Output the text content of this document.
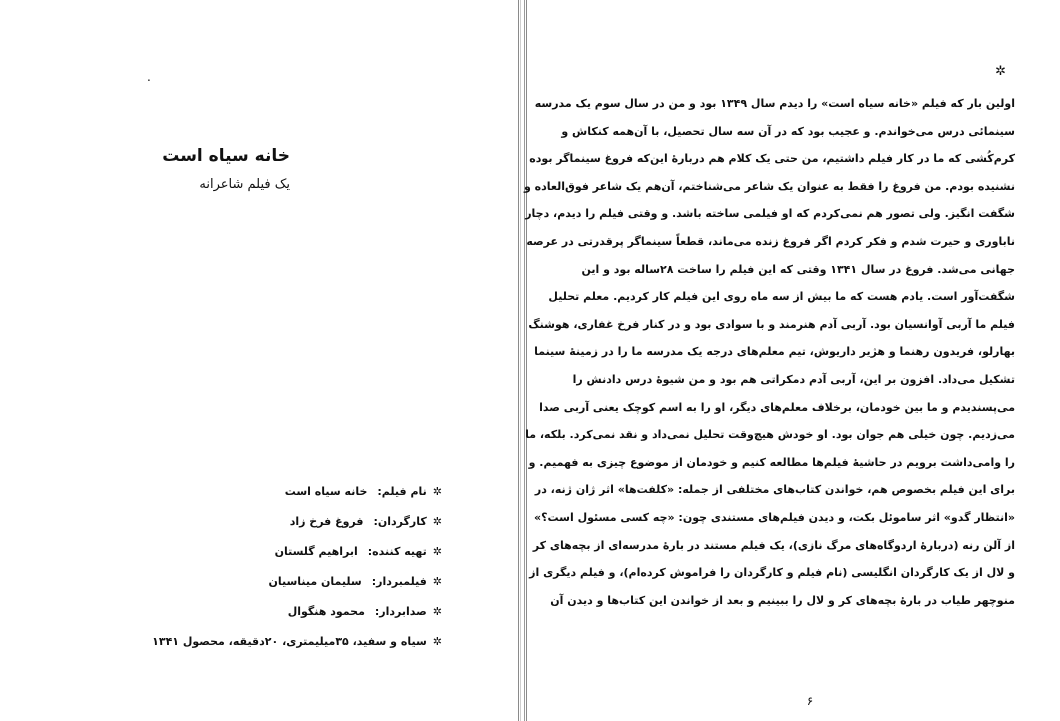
.

خانه سیاه است

یک فیلم شاعرانه

✲نام فیلم:خانه سیاه است
✲کارگردان:فروغ فرخ زاد
✲تهیه کننده:ابراهیم گلستان
✲فیلمبردار:سلیمان میناسیان
✲صدابردار:محمود هنگوال
✲سیاه و سفید، ۳۵میلیمتری، ۲۰دقیقه، محصول ۱۳۴۱
✲
اولین بار که فیلم «خانه سیاه است» را دیدم سال ۱۳۴۹ بود و من در سال سوم یک مدرسه
سینمائی درس می‌خواندم. و عجیب بود که در آن سه سال تحصیل، با آن‌همه کنکاش و
کرم‌کُشی که ما در کار فیلم داشتیم، من حتی یک کلام هم دربارهٔ این‌که فروغ سینماگر بوده
نشنیده بودم. من فروغ را فقط به عنوان یک شاعر می‌شناختم، آن‌هم یک شاعر فوق‌العاده و
شگفت انگیز. ولی تصور هم نمی‌کردم که او فیلمی ساخته باشد. و وقتی فیلم را دیدم، دچار
ناباوری و حیرت شدم و فکر کردم اگر فروغ زنده می‌ماند، قطعاً سینماگر پرقدرتی در عرصه
جهانی می‌شد. فروغ در سال ۱۳۴۱ وقتی که این فیلم را ساخت ۲۸ساله بود و این
شگفت‌آور است. یادم هست که ما بیش از سه ماه روی این فیلم کار کردیم. معلم تحلیل
فیلم ما آربی آوانسیان بود. آربی آدم هنرمند و با سوادی بود و در کنار فرخ غفاری، هوشنگ
بهارلو، فریدون رهنما و هژیر داریوش، تیم معلم‌های درجه یک مدرسه ما را در زمینهٔ سینما
تشکیل می‌داد. افزون بر این، آربی آدم دمکراتی هم بود و من شیوهٔ درس دادنش را
می‌پسندیدم و ما بین خودمان، برخلاف معلم‌های دیگر، او را به اسم کوچک یعنی آربی صدا
می‌زدیم. چون خیلی هم جوان بود. او خودش هیچ‌وقت تحلیل نمی‌داد و نقد نمی‌کرد. بلکه، ما
را وامی‌داشت برویم در حاشیهٔ فیلم‌ها مطالعه کنیم و خودمان از موضوع چیزی به فهمیم. و
برای این فیلم بخصوص هم، خواندن کتاب‌های مختلفی از جمله: «کلفت‌ها» اثر ژان ژنه، در
«انتظار گدو» اثر ساموئل بکت، و دیدن فیلم‌های مستندی چون: «چه کسی مسئول است؟»
از آلن رنه (دربارهٔ اردوگاه‌های مرگ نازی)، یک فیلم مستند در بارهٔ مدرسه‌ای از بچه‌های کر
و لال از یک کارگردان انگلیسی (نام فیلم و کارگردان را فراموش کرده‌ام)، و فیلم دیگری از
منوچهر طیاب در بارهٔ بچه‌های کر و لال را ببینیم و بعد از خواندن این کتاب‌ها و دیدن آن
۶
